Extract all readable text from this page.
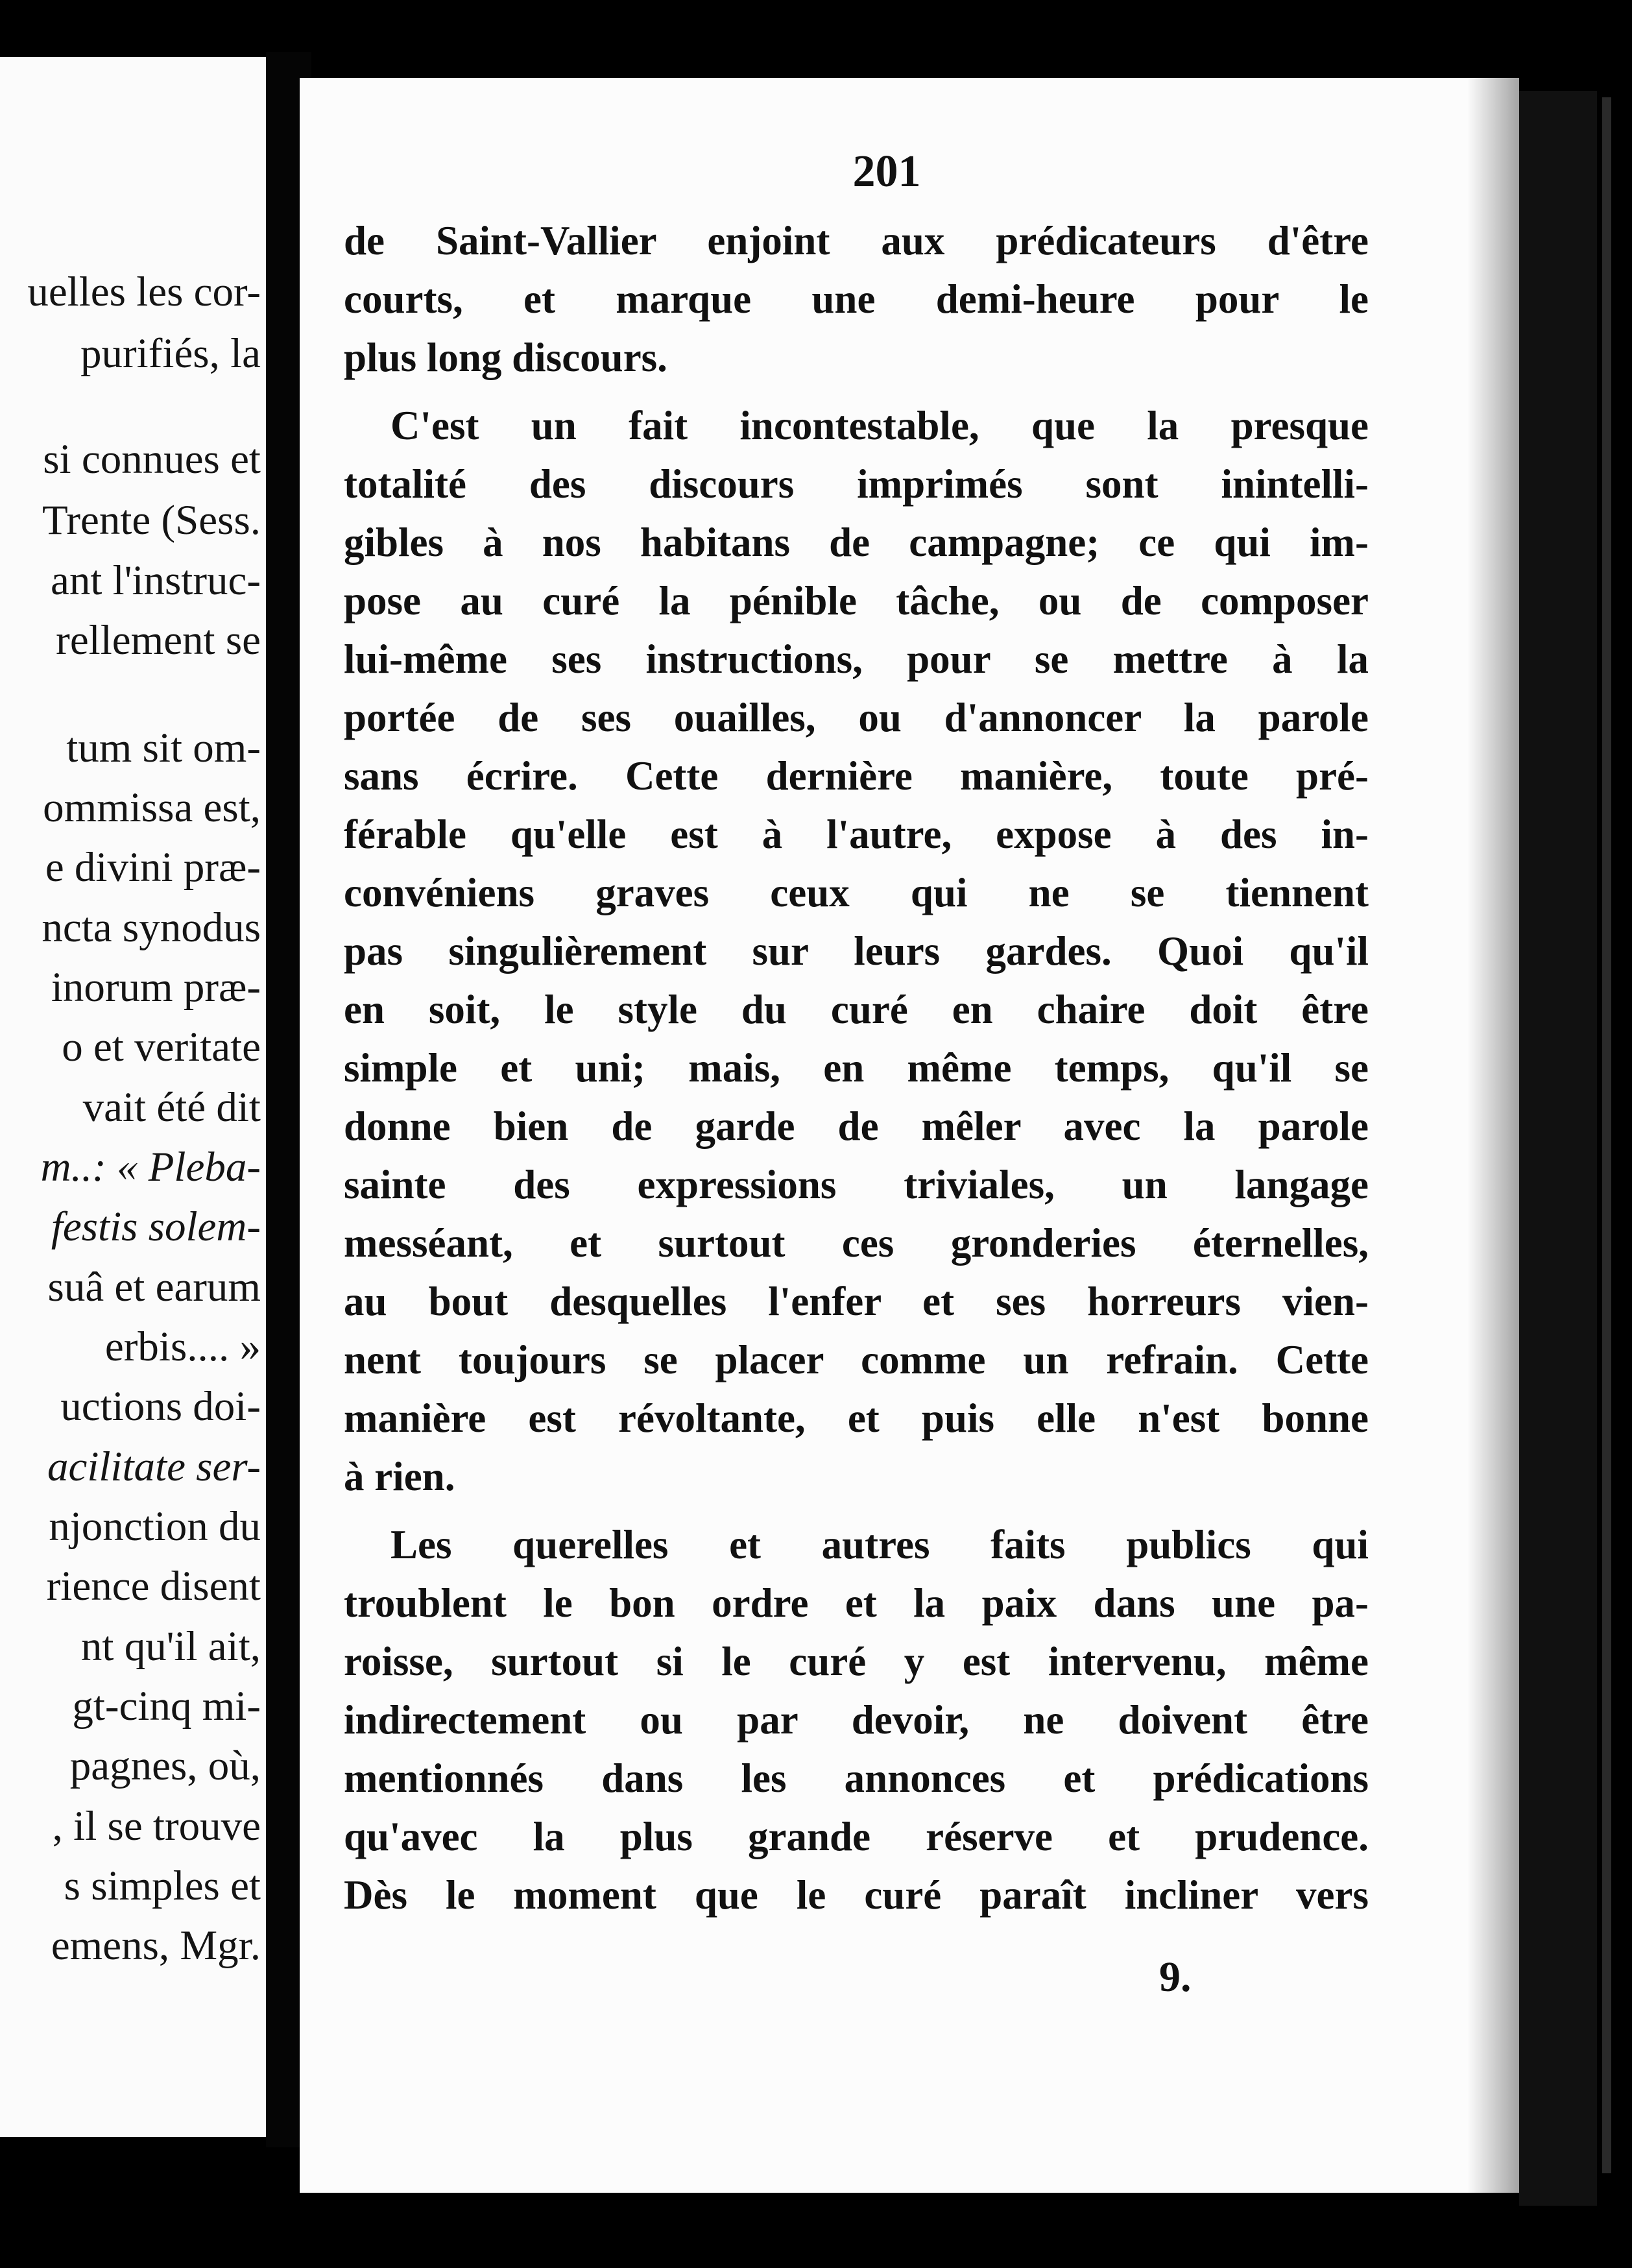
uelles les cor-
purifiés, la
si connues et
Trente (Sess.
ant l'instruc-
rellement se
tum sit om-
ommissa est,
e divini præ-
ncta synodus
inorum præ-
o et veritate
vait été dit
m..: « Pleba-
festis solem-
suâ et earum
erbis.... »
uctions doi-
acilitate ser-
njonction du
rience disent
nt qu'il ait,
gt-cinq mi-
pagnes, où,
, il se trouve
s simples et
emens, Mgr.
201
de Saint-Vallier enjoint aux prédicateurs d'être
courts, et marque une demi-heure pour le
plus long discours.
C'est un fait incontestable, que la presque
totalité des discours imprimés sont inintelli-
gibles à nos habitans de campagne; ce qui im-
pose au curé la pénible tâche, ou de composer
lui-même ses instructions, pour se mettre à la
portée de ses ouailles, ou d'annoncer la parole
sans écrire. Cette dernière manière, toute pré-
férable qu'elle est à l'autre, expose à des in-
convéniens graves ceux qui ne se tiennent
pas singulièrement sur leurs gardes. Quoi qu'il
en soit, le style du curé en chaire doit être
simple et uni; mais, en même temps, qu'il se
donne bien de garde de mêler avec la parole
sainte des expressions triviales, un langage
messéant, et surtout ces gronderies éternelles,
au bout desquelles l'enfer et ses horreurs vien-
nent toujours se placer comme un refrain. Cette
manière est révoltante, et puis elle n'est bonne
à rien.
Les querelles et autres faits publics qui
troublent le bon ordre et la paix dans une pa-
roisse, surtout si le curé y est intervenu, même
indirectement ou par devoir, ne doivent être
mentionnés dans les annonces et prédications
qu'avec la plus grande réserve et prudence.
Dès le moment que le curé paraît incliner vers
9.
